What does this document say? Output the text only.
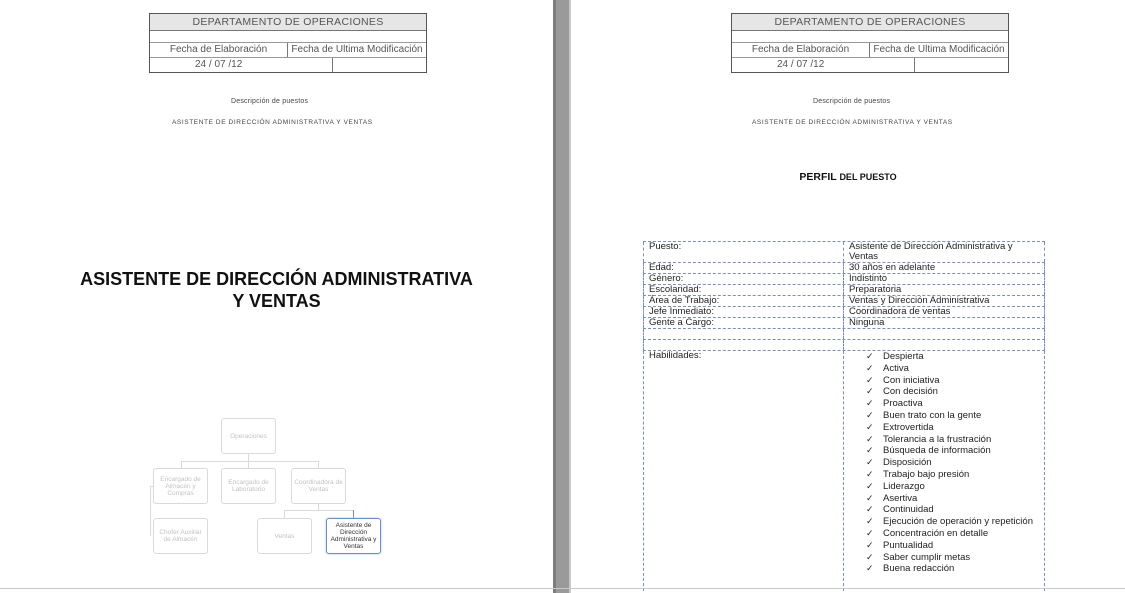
DEPARTAMENTO DE OPERACIONES
Fecha de Elaboración	Fecha de Ultima Modificación
24 / 07 /12
Descripción de puestos
ASISTENTE DE DIRECCIÓN ADMINISTRATIVA Y VENTAS
ASISTENTE DE DIRECCIÓN ADMINISTRATIVA
Y VENTAS
Operaciones
Encargado de Almacén y Compras
Encargado de Laboratorio
Coordinadora de Ventas
Chofer Auxiliar de Almacén	Ventas
Asistente de Dirección Administrativa y Ventas
DEPARTAMENTO DE OPERACIONES
Fecha de Elaboración	Fecha de Ultima Modificación
24 / 07 /12
Descripción de puestos
ASISTENTE DE DIRECCIÓN ADMINISTRATIVA Y VENTAS
PERFIL DEL PUESTO
Puesto:	Asistente de Dirección Administrativa y Ventas
Edad:	30 años en adelante
Género:	Indistinto
Escolaridad:	Preparatoria
Área de Trabajo:	Ventas y Dirección Administrativa
Jefe Inmediato:	Coordinadora de ventas
Gente a Cargo:	Ninguna
Habilidades:
✓	Despierta
✓ Activa
✓ Con iniciativa
✓ Con decisión
✓ Proactiva
✓ Buen trato con la gente
✓ Extrovertida
✓ Tolerancia a la frustración
✓ Búsqueda de información
✓ Disposición
✓ Trabajo bajo presión
✓ Liderazgo
✓ Asertiva
✓ Continuidad
✓ Ejecución de operación y repetición
✓ Concentración en detalle
✓ Puntualidad
✓ Saber cumplir metas
✓ Buena redacción
